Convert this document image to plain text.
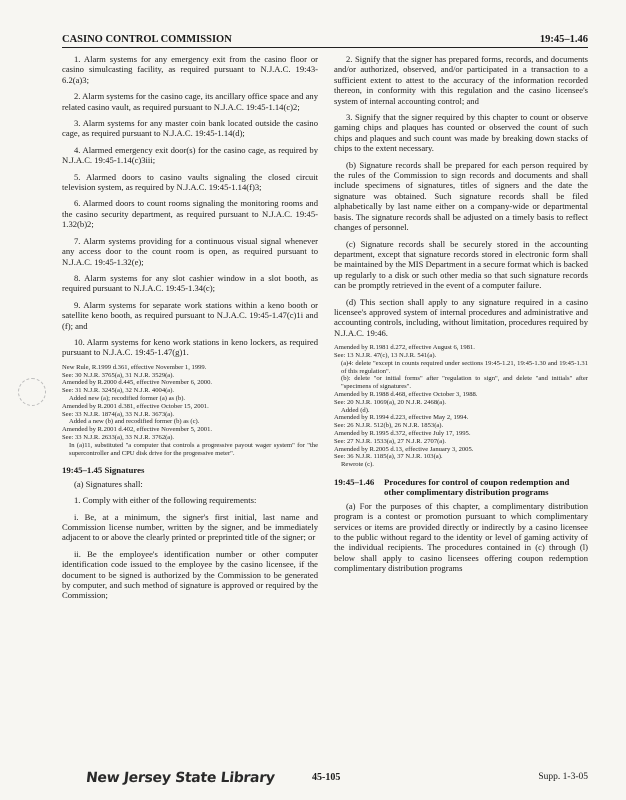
CASINO CONTROL COMMISSION	19:45–1.46

1. Alarm systems for any emergency exit from the casino floor or casino simulcasting facility, as required pursuant to N.J.A.C. 19:43-6.2(a)3;

2. Alarm systems for the casino cage, its ancillary office space and any related casino vault, as required pursuant to N.J.A.C. 19:45-1.14(c)2;

3. Alarm systems for any master coin bank located outside the casino cage, as required pursuant to N.J.A.C. 19:45-1.14(d);

4. Alarmed emergency exit door(s) for the casino cage, as required by N.J.A.C. 19:45-1.14(c)3iii;

5. Alarmed doors to casino vaults signaling the closed circuit television system, as required by N.J.A.C. 19:45-1.14(f)3;

6. Alarmed doors to count rooms signaling the monitoring rooms and the casino security department, as required pursuant to N.J.A.C. 19:45-1.32(b)2;

7. Alarm systems providing for a continuous visual signal whenever any access door to the count room is open, as required pursuant to N.J.A.C. 19:45-1.32(e);

8. Alarm systems for any slot cashier window in a slot booth, as required pursuant to N.J.A.C. 19:45-1.34(c);

9. Alarm systems for separate work stations within a keno booth or satellite keno booth, as required pursuant to N.J.A.C. 19:45-1.47(c)1i and (f); and

10. Alarm systems for keno work stations in keno lockers, as required pursuant to N.J.A.C. 19:45-1.47(g)1.

New Rule, R.1999 d.361, effective November 1, 1999.
See: 30 N.J.R. 3765(a), 31 N.J.R. 3529(a).
Amended by R.2000 d.445, effective November 6, 2000.
See: 31 N.J.R. 3245(a), 32 N.J.R. 4004(a).
Added new (a); recodified former (a) as (b).
Amended by R.2001 d.381, effective October 15, 2001.
See: 33 N.J.R. 1874(a), 33 N.J.R. 3673(a).
Added a new (b) and recodified former (b) as (c).
Amended by R.2001 d.402, effective November 5, 2001.
See: 33 N.J.R. 2633(a), 33 N.J.R. 3762(a).
In (a)11, substituted "a computer that controls a progressive payout wager system" for "the supercontroller and CPU disk drive for the progressive meter".
19:45–1.45 Signatures

(a) Signatures shall:

1. Comply with either of the following requirements:

i. Be, at a minimum, the signer's first initial, last name and Commission license number, written by the signer, and be immediately adjacent to or above the clearly printed or preprinted title of the signer; or

ii. Be the employee's identification number or other computer identification code issued to the employee by the casino licensee, if the document to be signed is authorized by the Commission to be generated by computer, and such method of signature is approved or required by the Commission;

2. Signify that the signer has prepared forms, records, and documents and/or authorized, observed, and/or participated in a transaction to a sufficient extent to attest to the accuracy of the information recorded thereon, in conformity with this regulation and the casino licensee's system of internal accounting control; and

3. Signify that the signer required by this chapter to count or observe gaming chips and plaques has counted or observed the count of such chips and plaques and such count was made by breaking down stacks of chips to the extent necessary.

(b) Signature records shall be prepared for each person required by the rules of the Commission to sign records and documents and shall include specimens of signatures, titles of signers and the date the signature was obtained. Such signature records shall be filed alphabetically by last name either on a company-wide or departmental basis. The signature records shall be adjusted on a timely basis to reflect changes of personnel.

(c) Signature records shall be securely stored in the accounting department, except that signature records stored in electronic form shall be maintained by the MIS Department in a secure format which is backed up regularly to a disk or such other media so that such signature records can be promptly retrieved in the event of a computer failure.

(d) This section shall apply to any signature required in a casino licensee's approved system of internal procedures and administrative and accounting controls, including, without limitation, procedures required by N.J.A.C. 19:46.

Amended by R.1981 d.272, effective August 6, 1981.
See: 13 N.J.R. 47(c), 13 N.J.R. 541(a).
(a)4: delete "except in counts required under sections 19:45-1.21, 19:45-1.30 and 19:45-1.31 of this regulation".
(b): delete "or initial forms" after "regulation to sign", and delete "and initials" after "specimens of signatures".
Amended by R.1988 d.468, effective October 3, 1988.
See: 20 N.J.R. 1069(a), 20 N.J.R. 2468(a).
Added (d).
Amended by R.1994 d.223, effective May 2, 1994.
See: 26 N.J.R. 512(b), 26 N.J.R. 1853(a).
Amended by R.1995 d.372, effective July 17, 1995.
See: 27 N.J.R. 1533(a), 27 N.J.R. 2707(a).
Amended by R.2005 d.13, effective January 3, 2005.
See: 36 N.J.R. 1185(a), 37 N.J.R. 103(a).
Rewrote (c).
19:45–1.46	Procedures for control of coupon redemption and other complimentary distribution programs

(a) For the purposes of this chapter, a complimentary distribution program is a contest or promotion pursuant to which complimentary services or items are provided directly or indirectly by a casino licensee to the public without regard to the identity or level of gaming activity of the individual recipients. The procedures contained in (c) through (l) below shall apply to casino licensees offering coupon redemption complimentary distribution programs

New Jersey State Library	45-105	Supp. 1-3-05
